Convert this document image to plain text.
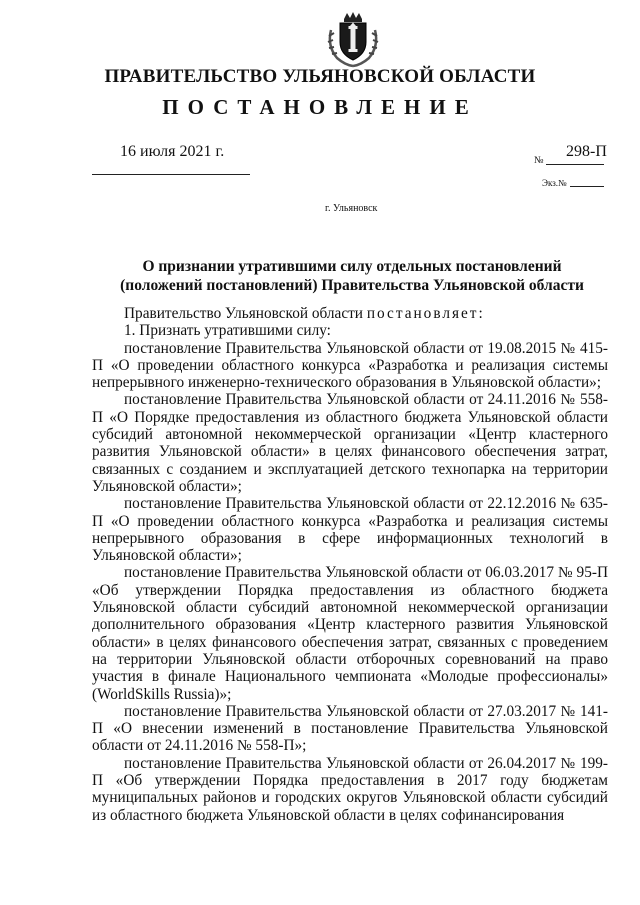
ПРАВИТЕЛЬСТВО УЛЬЯНОВСКОЙ ОБЛАСТИ
ПОСТАНОВЛЕНИЕ
16 июля 2021 г.	298-П
№
Экз.№
г. Ульяновск
О признании утратившими силу отдельных постановлений
(положений постановлений) Правительства Ульяновской области

Правительство Ульяновской области постановляет:

1. Признать утратившими силу:

постановление Правительства Ульяновской области от 19.08.2015 № 415-П «О проведении областного конкурса «Разработка и реализация системы непрерывного инженерно-технического образования в Ульяновской области»;

постановление Правительства Ульяновской области от 24.11.2016 № 558-П «О Порядке предоставления из областного бюджета Ульяновской области субсидий автономной некоммерческой организации «Центр кластерного развития Ульяновской области» в целях финансового обеспечения затрат, связанных с созданием и эксплуатацией детского технопарка на территории Ульяновской области»;

постановление Правительства Ульяновской области от 22.12.2016 № 635-П «О проведении областного конкурса «Разработка и реализация системы непрерывного образования в сфере информационных технологий в Ульяновской области»;

постановление Правительства Ульяновской области от 06.03.2017 № 95-П «Об утверждении Порядка предоставления из областного бюджета Ульяновской области субсидий автономной некоммерческой организации дополнительного образования «Центр кластерного развития Ульяновской области» в целях финансового обеспечения затрат, связанных с проведением на территории Ульяновской области отборочных соревнований на право участия в финале Национального чемпионата «Молодые профессионалы» (WorldSkills Russia)»;

постановление Правительства Ульяновской области от 27.03.2017 № 141-П «О внесении изменений в постановление Правительства Ульяновской области от 24.11.2016 № 558-П»;

постановление Правительства Ульяновской области от 26.04.2017 № 199-П «Об утверждении Порядка предоставления в 2017 году бюджетам муниципальных районов и городских округов Ульяновской области субсидий из областного бюджета Ульяновской области в целях софинансирования
